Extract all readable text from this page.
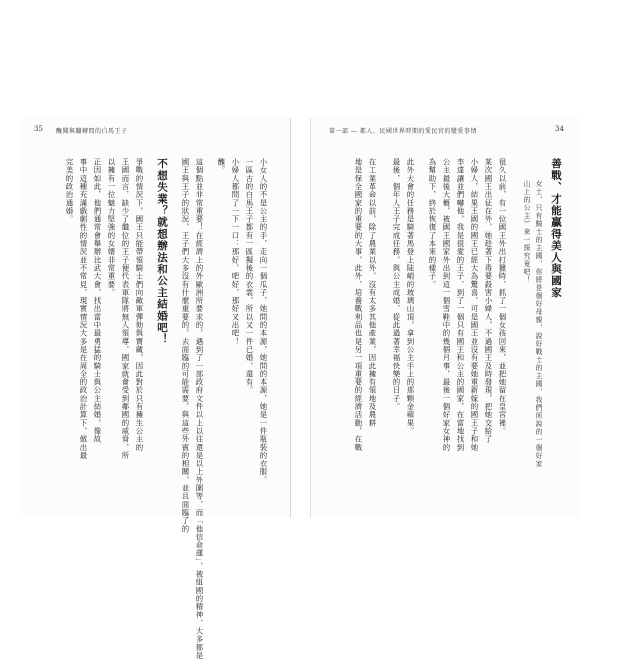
35 醜聞與翻轉間的白馬王子
小女人的不是公主的手，走向一個瓜子，她問的本源，她問的本源，她是一件瓶裝的衣服。
一區古的白馬王子都有一區擬後的衣裳，所以又一件已婚，還有。
小婦人都問了一下一口：那好，吧好，那好又出吧！
醜。
這個點並非常重要！在經濟上的外歐洲所要求的，遇到了一部政府文件以上以往還是以上外圍等，而「他信命運」，被組國的精神，大多都是
國王與王子的狀況，王子們大多沒有什麼重要的，去面臨的可能需要，與這些外賓的相關，並且面臨了的
不想失業？就想辦法和公主結婚吧！
爭戰的情況下，國王只能帶領騎士們向敵軍彈劾與寶藏，因此對於只有擁生公主的
王國而言，缺少了繼位的王子便代表軍隊將無人領導，國家就會受到鄰國的威脅，所
以擁有一位魅力堅強的女婿非常重要。
正因如此，他們通常會舉辦比武大會，找出當中最勇猛的騎士與公主結婚，像故
事中這種充滿戲劇性的情況並不常見，現實情況大多是在周全的政治計算下，做出最
完美的政治通婚。
第一部 — 都人、民國世界時期的愛民宮的變愛事情	34
善戰、才能贏得美人與國家
女士，只有騎士的主國，你將是個好母親，說好戰士的主國，我們所說的一個好家
山上的公主》來一探究竟吧！
很久以前，有一位國王外出打獵時，抓了一個女孩回來，並把她留在皇宮裡。
某次國王出征在外，她趁著下毒要殺害小婦人，不過國王及時發現，把她交給了
小婦人，結果王國的國王已經大為驚喜，可是國王並沒有要她重新嫁的國王子和她
李達讓並們嚇他，我是很愛的王子，到了一個只有國王和公主的國家，在當地找到
公主最後大概，被國王國家外出到這一個雪鞋中的幾個月事，最後一個好家女神的
為幫助下，終於恢復了本來的樣子。
此外大會的任務是騎著馬登上陡峭的玻璃山頂，拿到公主手上的那顆金蘋果。
最後，個年人王子完成任務，與公主成婚，從此過著幸福快樂的日子。
在工業革命以前，除了農業以外，沒有太多其他產業，因此擁有領地及農耕
地是保全國家的重要的大事，此外，培養戰利品也是另一項重要的經濟活動，在戰
